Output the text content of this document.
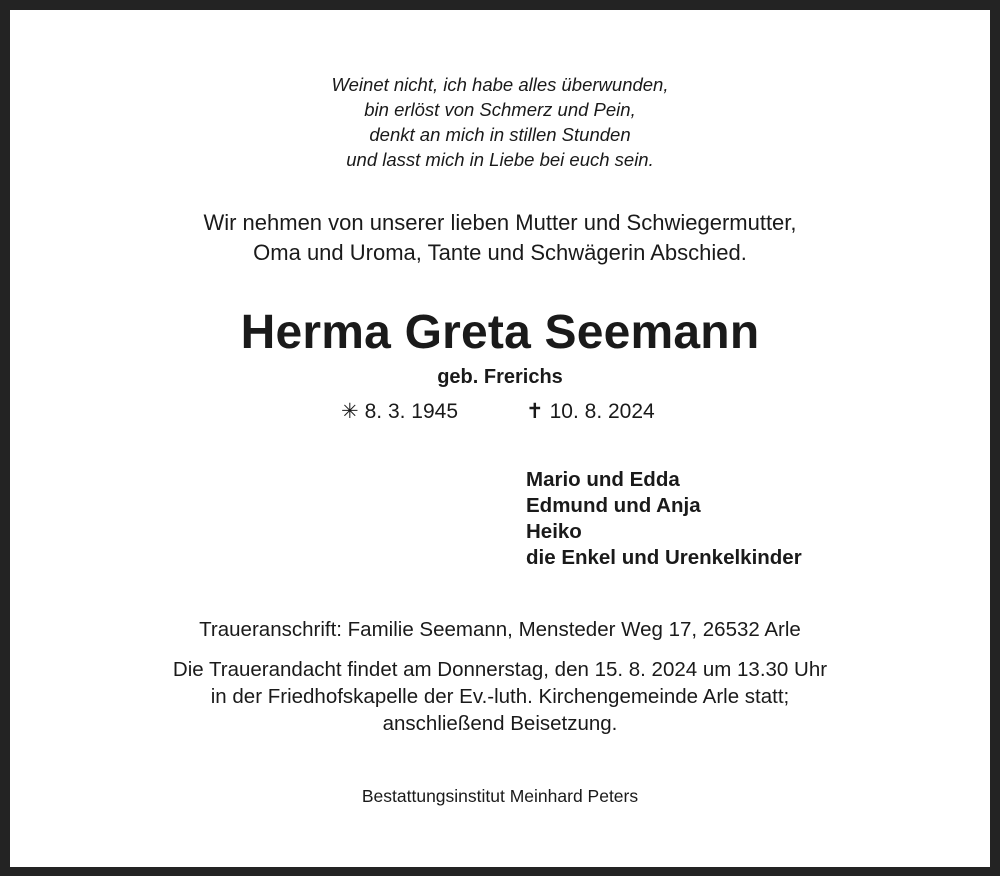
Weinet nicht, ich habe alles überwunden,
bin erlöst von Schmerz und Pein,
denkt an mich in stillen Stunden
und lasst mich in Liebe bei euch sein.
Wir nehmen von unserer lieben Mutter und Schwiegermutter,
Oma und Uroma, Tante und Schwägerin Abschied.
Herma Greta Seemann
geb. Frerichs
✳ 8. 3. 1945	✝ 10. 8. 2024
Mario und Edda
Edmund und Anja
Heiko
die Enkel und Urenkelkinder
Traueranschrift: Familie Seemann, Mensteder Weg 17, 26532 Arle
Die Trauerandacht findet am Donnerstag, den 15. 8. 2024 um 13.30 Uhr
in der Friedhofskapelle der Ev.-luth. Kirchengemeinde Arle statt;
anschließend Beisetzung.
Bestattungsinstitut Meinhard Peters
